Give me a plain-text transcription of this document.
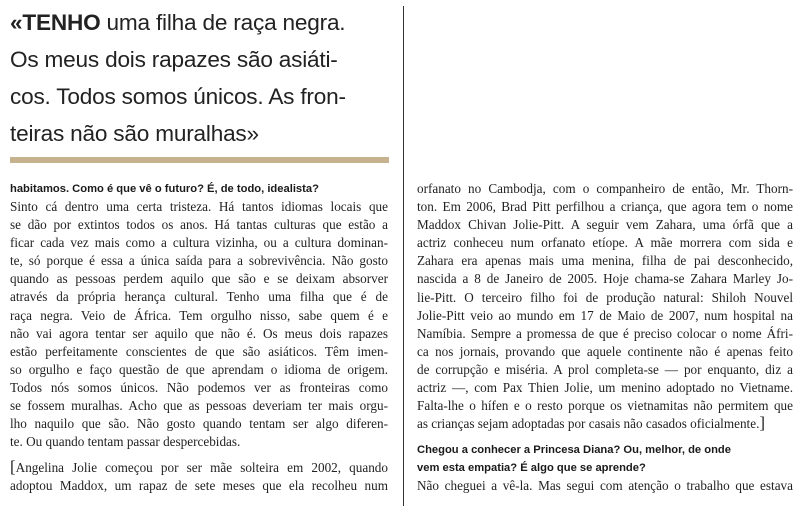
«TENHO uma filha de raça negra.
Os meus dois rapazes são asiáti-
cos. Todos somos únicos. As fron-
teiras não são muralhas»
habitamos. Como é que vê o futuro? É, de todo, idealista?
Sinto cá dentro uma certa tristeza. Há tantos idiomas locais que
se dão por extintos todos os anos. Há tantas culturas que estão a
ficar cada vez mais como a cultura vizinha, ou a cultura dominan-
te, só porque é essa a única saída para a sobrevivência. Não gosto
quando as pessoas perdem aquilo que são e se deixam absorver
através da própria herança cultural. Tenho uma filha que é de
raça negra. Veio de África. Tem orgulho nisso, sabe quem é e
não vai agora tentar ser aquilo que não é. Os meus dois rapazes
estão perfeitamente conscientes de que são asiáticos. Têm imen-
so orgulho e faço questão de que aprendam o idioma de origem.
Todos nós somos únicos. Não podemos ver as fronteiras como
se fossem muralhas. Acho que as pessoas deveriam ter mais orgu-
lho naquilo que são. Não gosto quando tentam ser algo diferen-
te. Ou quando tentam passar despercebidas.
[Angelina Jolie começou por ser mãe solteira em 2002, quando
adoptou Maddox, um rapaz de sete meses que ela recolheu num
orfanato no Cambodja, com o companheiro de então, Mr. Thorn-
ton. Em 2006, Brad Pitt perfilhou a criança, que agora tem o nome
Maddox Chivan Jolie-Pitt. A seguir vem Zahara, uma órfã que a
actriz conheceu num orfanato etíope. A mãe morrera com sida e
Zahara era apenas mais uma menina, filha de pai desconhecido,
nascida a 8 de Janeiro de 2005. Hoje chama-se Zahara Marley Jo-
lie-Pitt. O terceiro filho foi de produção natural: Shiloh Nouvel
Jolie-Pitt veio ao mundo em 17 de Maio de 2007, num hospital na
Namíbia. Sempre a promessa de que é preciso colocar o nome Áfri-
ca nos jornais, provando que aquele continente não é apenas feito
de corrupção e miséria. A prol completa-se — por enquanto, diz a
actriz —, com Pax Thien Jolie, um menino adoptado no Vietname.
Falta-lhe o hífen e o resto porque os vietnamitas não permitem que
as crianças sejam adoptadas por casais não casados oficialmente.]
Chegou a conhecer a Princesa Diana? Ou, melhor, de onde
vem esta empatia? É algo que se aprende?
Não cheguei a vê-la. Mas segui com atenção o trabalho que estava
